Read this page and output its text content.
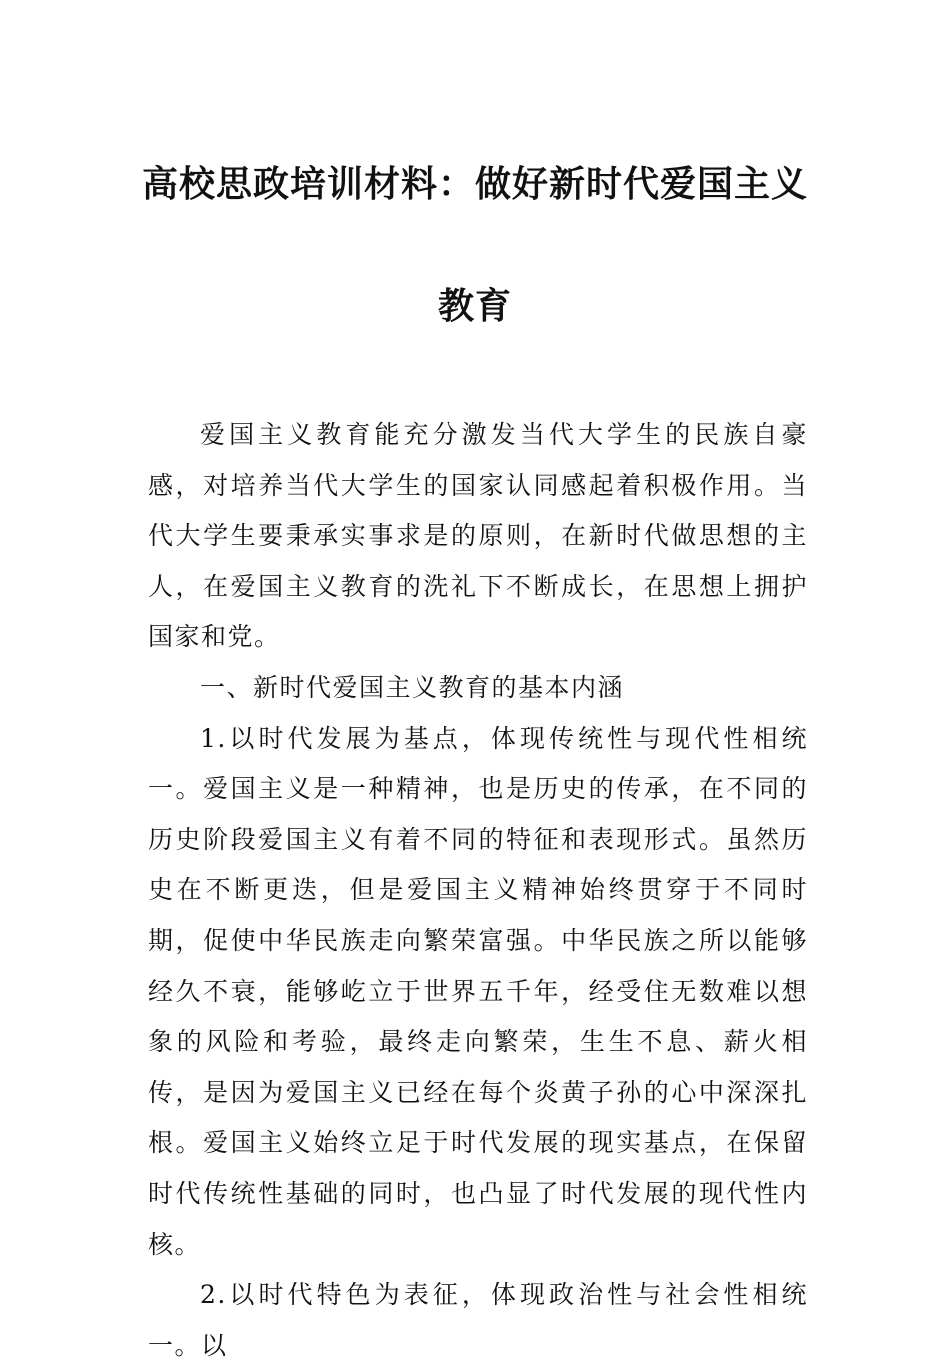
高校思政培训材料：做好新时代爱国主义
教育

爱国主义教育能充分激发当代大学生的民族自豪感，对培养当代大学生的国家认同感起着积极作用。当代大学生要秉承实事求是的原则，在新时代做思想的主人，在爱国主义教育的洗礼下不断成长，在思想上拥护国家和党。

一、新时代爱国主义教育的基本内涵

1.以时代发展为基点，体现传统性与现代性相统一。爱国主义是一种精神，也是历史的传承，在不同的历史阶段爱国主义有着不同的特征和表现形式。虽然历史在不断更迭，但是爱国主义精神始终贯穿于不同时期，促使中华民族走向繁荣富强。中华民族之所以能够经久不衰，能够屹立于世界五千年，经受住无数难以想象的风险和考验，最终走向繁荣，生生不息、薪火相传，是因为爱国主义已经在每个炎黄子孙的心中深深扎根。爱国主义始终立足于时代发展的现实基点，在保留时代传统性基础的同时，也凸显了时代发展的现代性内核。

2.以时代特色为表征，体现政治性与社会性相统一。以
